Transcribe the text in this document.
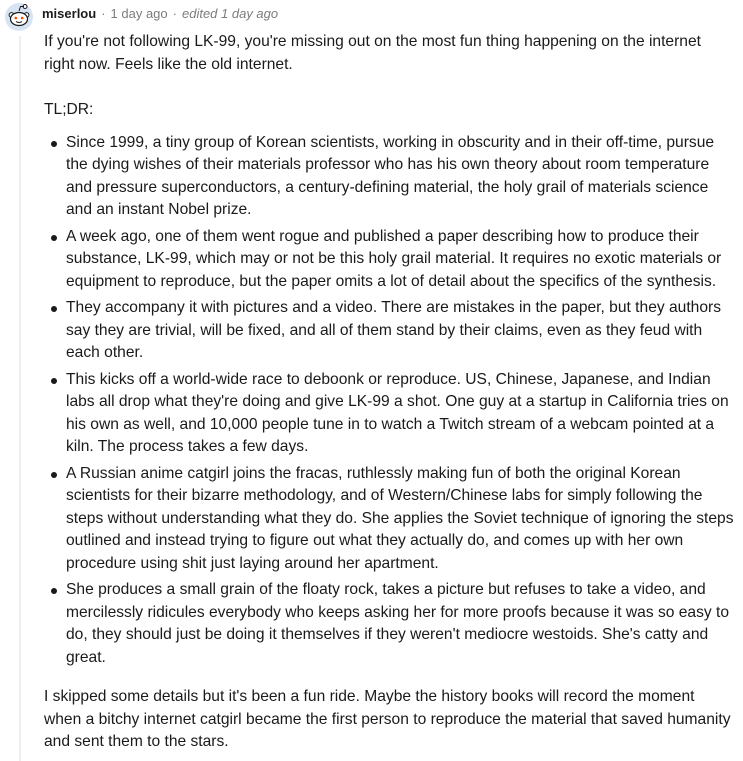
miserlou · 1 day ago · edited 1 day ago

If you're not following LK-99, you're missing out on the most fun thing happening on the internet right now. Feels like the old internet.

TL;DR:

Since 1999, a tiny group of Korean scientists, working in obscurity and in their off-time, pursue the dying wishes of their materials professor who has his own theory about room temperature and pressure superconductors, a century-defining material, the holy grail of materials science and an instant Nobel prize.
A week ago, one of them went rogue and published a paper describing how to produce their substance, LK-99, which may or not be this holy grail material. It requires no exotic materials or equipment to reproduce, but the paper omits a lot of detail about the specifics of the synthesis.
They accompany it with pictures and a video. There are mistakes in the paper, but they authors say they are trivial, will be fixed, and all of them stand by their claims, even as they feud with each other.
This kicks off a world-wide race to deboonk or reproduce. US, Chinese, Japanese, and Indian labs all drop what they're doing and give LK-99 a shot. One guy at a startup in California tries on his own as well, and 10,000 people tune in to watch a Twitch stream of a webcam pointed at a kiln. The process takes a few days.
A Russian anime catgirl joins the fracas, ruthlessly making fun of both the original Korean scientists for their bizarre methodology, and of Western/Chinese labs for simply following the steps without understanding what they do. She applies the Soviet technique of ignoring the steps outlined and instead trying to figure out what they actually do, and comes up with her own procedure using shit just laying around her apartment.
She produces a small grain of the floaty rock, takes a picture but refuses to take a video, and mercilessly ridicules everybody who keeps asking her for more proofs because it was so easy to do, they should just be doing it themselves if they weren't mediocre westoids. She's catty and great.

I skipped some details but it's been a fun ride. Maybe the history books will record the moment when a bitchy internet catgirl became the first person to reproduce the material that saved humanity and sent them to the stars.
